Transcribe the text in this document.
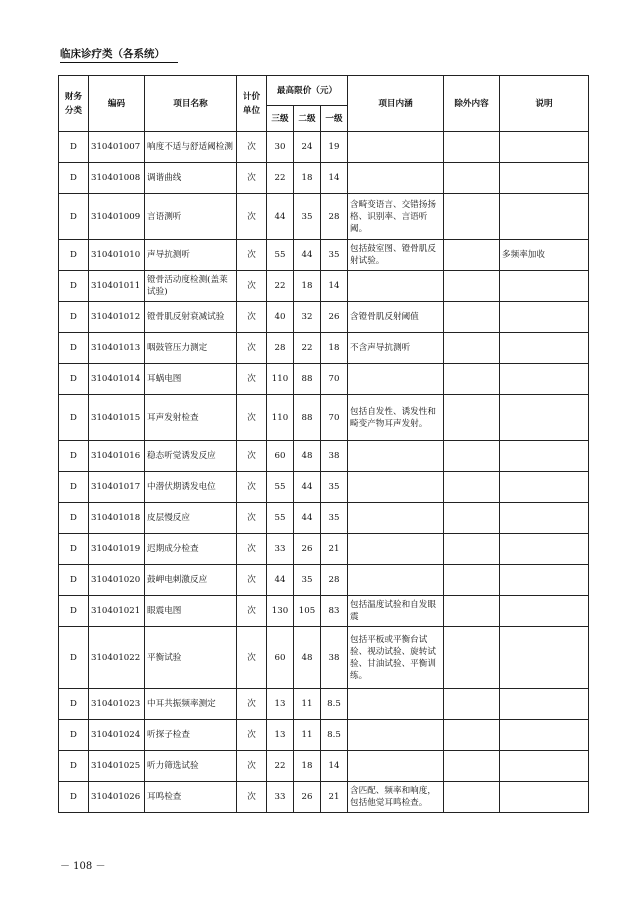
临床诊疗类（各系统）
财务分类	编码	项目名称	计价单位	最高限价（元）			项目内涵	除外内容	说明
				三级	二级	一级			
D	310401007	响度不适与舒适阈检测	次	30	24	19			
D	310401008	调谐曲线	次	22	18	14			
D	310401009	言语测听	次	44	35	28	含畸变语言、交错扬扬格、识别率、言语听阈。		
D	310401010	声导抗测听	次	55	44	35	包括鼓室图、镫骨肌反射试验。		多频率加收
D	310401011	镫骨活动度检测(盖莱试验)	次	22	18	14			
D	310401012	镫骨肌反射衰减试验	次	40	32	26	含镫骨肌反射阈值		
D	310401013	咽鼓管压力测定	次	28	22	18	不含声导抗测听		
D	310401014	耳蜗电图	次	110	88	70			
D	310401015	耳声发射检查	次	110	88	70	包括自发性、诱发性和畸变产物耳声发射。		
D	310401016	稳态听觉诱发反应	次	60	48	38			
D	310401017	中潜伏期诱发电位	次	55	44	35			
D	310401018	皮层慢反应	次	55	44	35			
D	310401019	迟期成分检查	次	33	26	21			
D	310401020	鼓岬电刺激反应	次	44	35	28			
D	310401021	眼震电图	次	130	105	83	包括温度试验和自发眼震		
D	310401022	平衡试验	次	60	48	38	包括平板或平衡台试验、视动试验、旋转试验、甘油试验、平衡训练。		
D	310401023	中耳共振频率测定	次	13	11	8.5			
D	310401024	听探子检查	次	13	11	8.5			
D	310401025	听力筛选试验	次	22	18	14			
D	310401026	耳鸣检查	次	33	26	21	含匹配、频率和响度，包括他觉耳鸣检查。		
－ 108 －
